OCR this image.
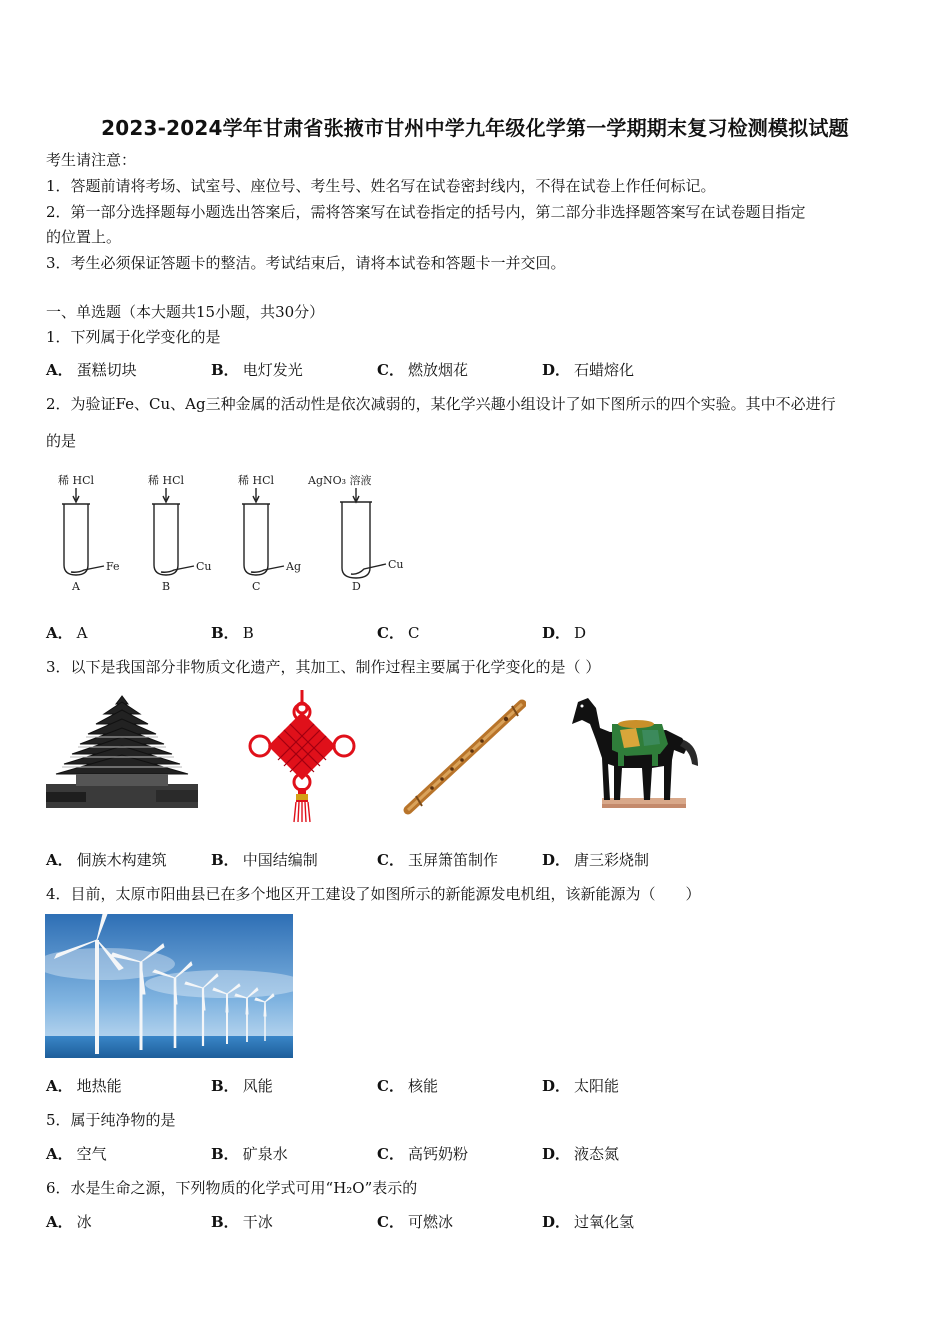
2023-2024学年甘肃省张掖市甘州中学九年级化学第一学期期末复习检测模拟试题
考生请注意：
1．答题前请将考场、试室号、座位号、考生号、姓名写在试卷密封线内，不得在试卷上作任何标记。
2．第一部分选择题每小题选出答案后，需将答案写在试卷指定的括号内，第二部分非选择题答案写在试卷题目指定
的位置上。
3．考生必须保证答题卡的整洁。考试结束后，请将本试卷和答题卡一并交回。
一、单选题（本大题共15小题，共30分）
1．下列属于化学变化的是
A． 蛋糕切块	B． 电灯发光	C． 燃放烟花	D． 石蜡熔化
2．为验证Fe、Cu、Ag三种金属的活动性是依次减弱的，某化学兴趣小组设计了如下图所示的四个实验。其中不必进行
的是
稀 HCl
Fe
A
稀 HCl
Cu
B
稀 HCl
Ag
C
AgNO₃ 溶液
Cu
D
A． A	B． B	C． C	D． D
3．以下是我国部分非物质文化遗产，其加工、制作过程主要属于化学变化的是（ ）
A． 侗族木构建筑	B． 中国结编制	C． 玉屏箫笛制作	D． 唐三彩烧制
4．目前，太原市阳曲县已在多个地区开工建设了如图所示的新能源发电机组，该新能源为（　　）
A． 地热能	B． 风能	C． 核能	D． 太阳能
5．属于纯净物的是
A． 空气	B． 矿泉水	C． 高钙奶粉	D． 液态氮
6．水是生命之源，下列物质的化学式可用“H₂O”表示的
A． 冰	B． 干冰	C． 可燃冰	D． 过氧化氢
